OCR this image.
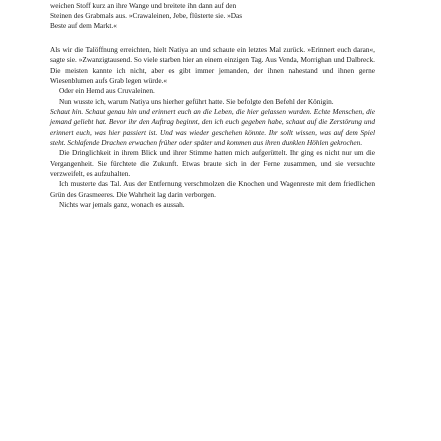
weichen Stoff kurz an ihre Wange und breitete ihn dann auf den
Steinen des Grabmals aus. »Crawaleinen, Jebe, flüsterte sie. »Das
Beste auf dem Markt.«

Als wir die Talöffnung erreichten, hielt Natiya an und schaute ein letztes Mal zurück. »Erinnert euch daran«, sagte sie. »Zwanzigtausend. So viele starben hier an einem einzigen Tag. Aus Venda, Morrighan und Dalbreck. Die meisten kannte ich nicht, aber es gibt immer jemanden, der ihnen nahestand und ihnen gerne Wiesenblumen aufs Grab legen würde.«

Oder ein Hemd aus Cruvaleinen.

Nun wusste ich, warum Natiya uns hierher geführt hatte. Sie befolgte den Befehl der Königin.

Schaut hin. Schaut genau hin und erinnert euch an die Leben, die hier gelassen wurden. Echte Menschen, die jemand geliebt hat. Bevor ihr den Auftrag beginnt, den ich euch gegeben habe, schaut auf die Zerstörung und erinnert euch, was hier passiert ist. Und was wieder geschehen könnte. Ihr sollt wissen, was auf dem Spiel steht. Schlafende Drachen erwachen früher oder später und kommen aus ihren dunklen Höhlen gekrochen.

Die Dringlichkeit in ihrem Blick und ihrer Stimme hatten mich aufgerüttelt. Ihr ging es nicht nur um die Vergangenheit. Sie fürchtete die Zukunft. Etwas braute sich in der Ferne zusammen, und sie versuchte verzweifelt, es aufzuhalten.

Ich musterte das Tal. Aus der Entfernung verschmolzen die Knochen und Wagenreste mit dem friedlichen Grün des Grasmeeres. Die Wahrheit lag darin verborgen.

Nichts war jemals ganz, wonach es aussah.
